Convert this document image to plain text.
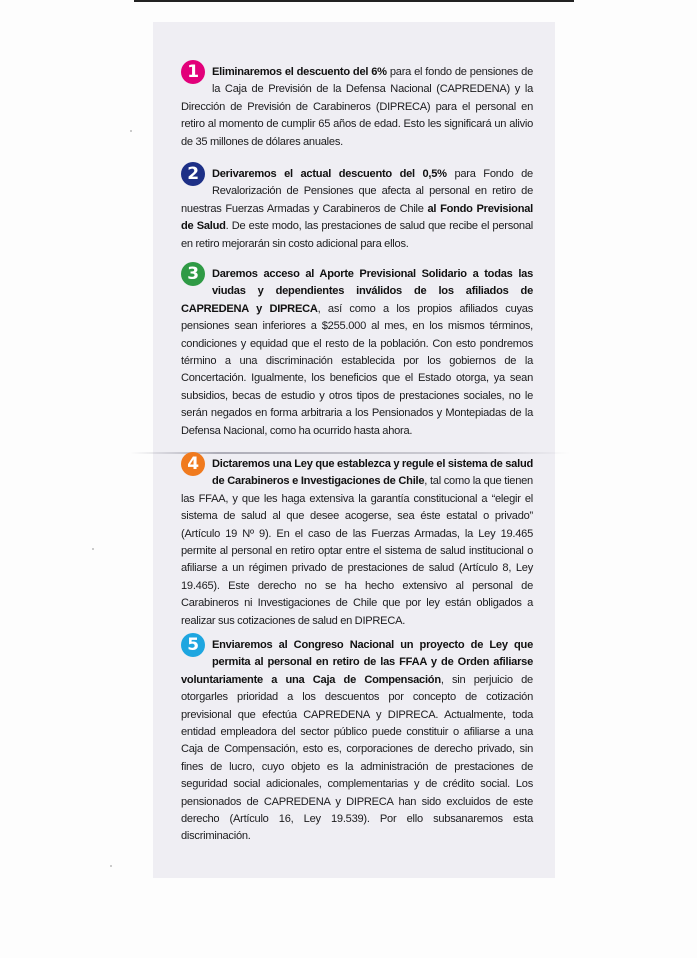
1	Eliminaremos el descuento del 6% para el fondo de pensiones de la Caja de Previsión de la Defensa Nacional (CAPREDENA) y la Dirección de Previsión de Carabineros (DIPRECA) para el personal en retiro al momento de cumplir 65 años de edad. Esto les significará un alivio de 35 millones de dólares anuales.
2	Derivaremos el actual descuento del 0,5% para Fondo de Revalorización de Pensiones que afecta al personal en retiro de nuestras Fuerzas Armadas y Carabineros de Chile al Fondo Previsional de Salud. De este modo, las prestaciones de salud que recibe el personal en retiro mejorarán sin costo adicional para ellos.
3	Daremos acceso al Aporte Previsional Solidario a todas las viudas y dependientes inválidos de los afiliados de CAPREDENA y DIPRECA, así como a los propios afiliados cuyas pensiones sean inferiores a $255.000 al mes, en los mismos términos, condiciones y equidad que el resto de la población. Con esto pondremos término a una discriminación establecida por los gobiernos de la Concertación. Igualmente, los beneficios que el Estado otorga, ya sean subsidios, becas de estudio y otros tipos de prestaciones sociales, no le serán negados en forma arbitraria a los Pensionados y Montepiadas de la Defensa Nacional, como ha ocurrido hasta ahora.
4	Dictaremos una Ley que establezca y regule el sistema de salud de Carabineros e Investigaciones de Chile, tal como la que tienen las FFAA, y que les haga extensiva la garantía constitucional a “elegir el sistema de salud al que desee acogerse, sea éste estatal o privado” (Artículo 19 Nº 9). En el caso de las Fuerzas Armadas, la Ley 19.465 permite al personal en retiro optar entre el sistema de salud institucional o afiliarse a un régimen privado de prestaciones de salud (Artículo 8, Ley 19.465). Este derecho no se ha hecho extensivo al personal de Carabineros ni Investigaciones de Chile que por ley están obligados a realizar sus cotizaciones de salud en DIPRECA.
5	Enviaremos al Congreso Nacional un proyecto de Ley que permita al personal en retiro de las FFAA y de Orden afiliarse voluntariamente a una Caja de Compensación, sin perjuicio de otorgarles prioridad a los descuentos por concepto de cotización previsional que efectúa CAPREDENA y DIPRECA. Actualmente, toda entidad empleadora del sector público puede constituir o afiliarse a una Caja de Compensación, esto es, corporaciones de derecho privado, sin fines de lucro, cuyo objeto es la administración de prestaciones de seguridad social adicionales, complementarias y de crédito social. Los pensionados de CAPREDENA y DIPRECA han sido excluidos de este derecho (Artículo 16, Ley 19.539). Por ello subsanaremos esta discriminación.
